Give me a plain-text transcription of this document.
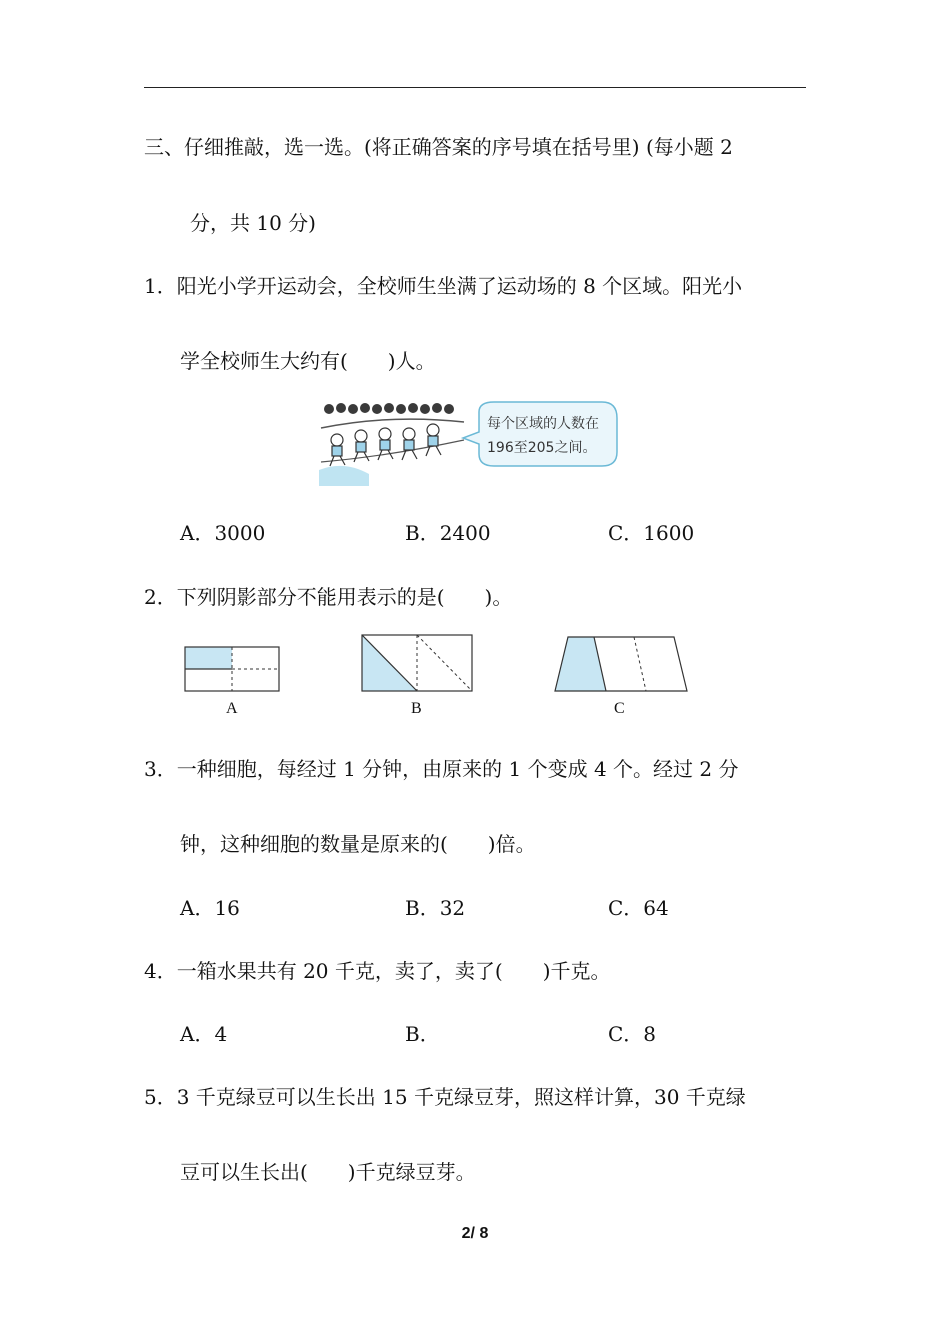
三、仔细推敲，选一选。(将正确答案的序号填在括号里) (每小题 2
分，共 10 分)
1．阳光小学开运动会，全校师生坐满了运动场的 8 个区域。阳光小
学全校师生大约有(　　)人。
每个区域的人数在
196至205之间。
A．3000	B．2400	C．1600
2．下列阴影部分不能用表示的是(　　)。
A	B	C
3．一种细胞，每经过 1 分钟，由原来的 1 个变成 4 个。经过 2 分
钟，这种细胞的数量是原来的(　　)倍。
A．16	B．32	C．64
4．一箱水果共有 20 千克，卖了，卖了(　　)千克。
A．4	B．	C．8
5．3 千克绿豆可以生长出 15 千克绿豆芽，照这样计算，30 千克绿
豆可以生长出(　　)千克绿豆芽。
2/ 8
